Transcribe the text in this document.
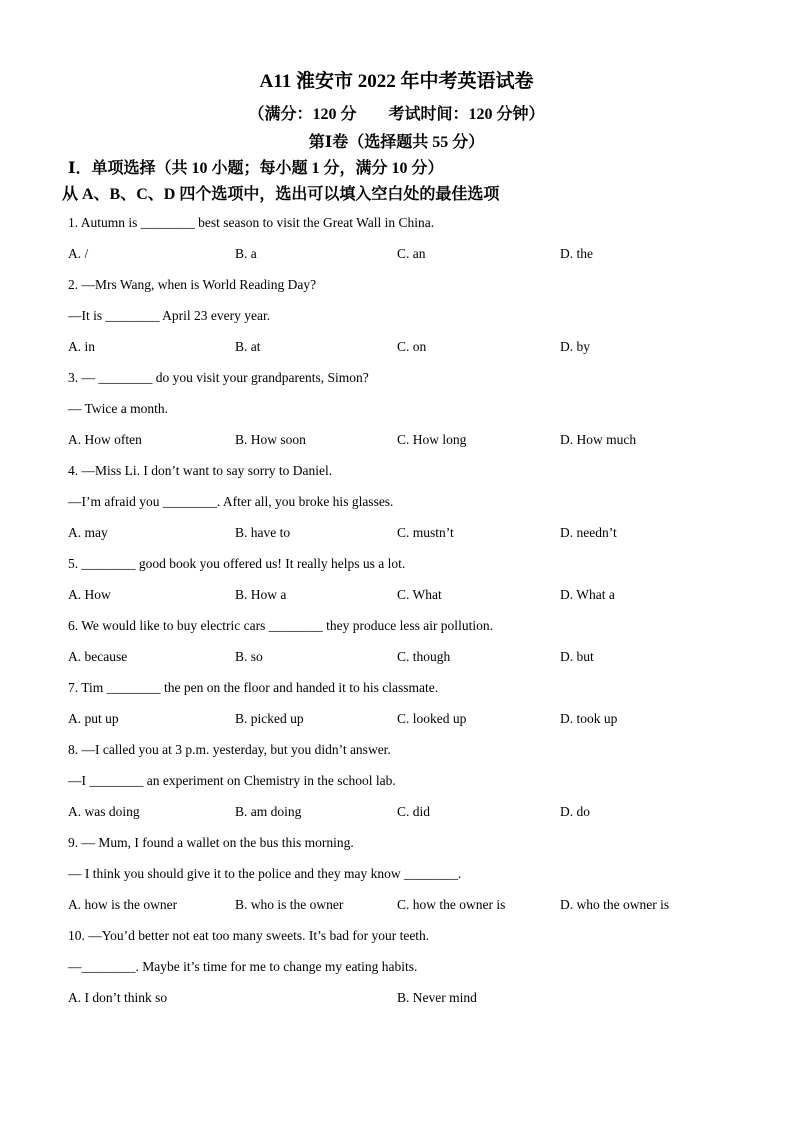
A11 淮安市 2022 年中考英语试卷
（满分：120 分　　考试时间：120 分钟）
第Ⅰ卷（选择题共 55 分）
Ⅰ．单项选择（共 10 小题；每小题 1 分，满分 10 分）
从 A、B、C、D 四个选项中，选出可以填入空白处的最佳选项
1. Autumn is ________ best season to visit the Great Wall in China.
A. /	B. a	C. an	D. the
2. —Mrs Wang, when is World Reading Day?
—It is ________ April 23 every year.
A. in	B. at	C. on	D. by
3. — ________ do you visit your grandparents, Simon?
— Twice a month.
A. How often	B. How soon	C. How long	D. How much
4. —Miss Li. I don’t want to say sorry to Daniel.
—I’m afraid you ________. After all, you broke his glasses.
A. may	B. have to	C. mustn’t	D. needn’t
5. ________ good book you offered us! It really helps us a lot.
A. How	B. How a	C. What	D. What a
6. We would like to buy electric cars ________ they produce less air pollution.
A. because	B. so	C. though	D. but
7. Tim ________ the pen on the floor and handed it to his classmate.
A. put up	B. picked up	C. looked up	D. took up
8. —I called you at 3 p.m. yesterday, but you didn’t answer.
—I ________ an experiment on Chemistry in the school lab.
A. was doing	B. am doing	C. did	D. do
9. — Mum, I found a wallet on the bus this morning.
— I think you should give it to the police and they may know ________.
A. how is the owner	B. who is the owner	C. how the owner is	D. who the owner is
10. —You’d better not eat too many sweets. It’s bad for your teeth.
—________. Maybe it’s time for me to change my eating habits.
A. I don’t think so	B. Never mind
